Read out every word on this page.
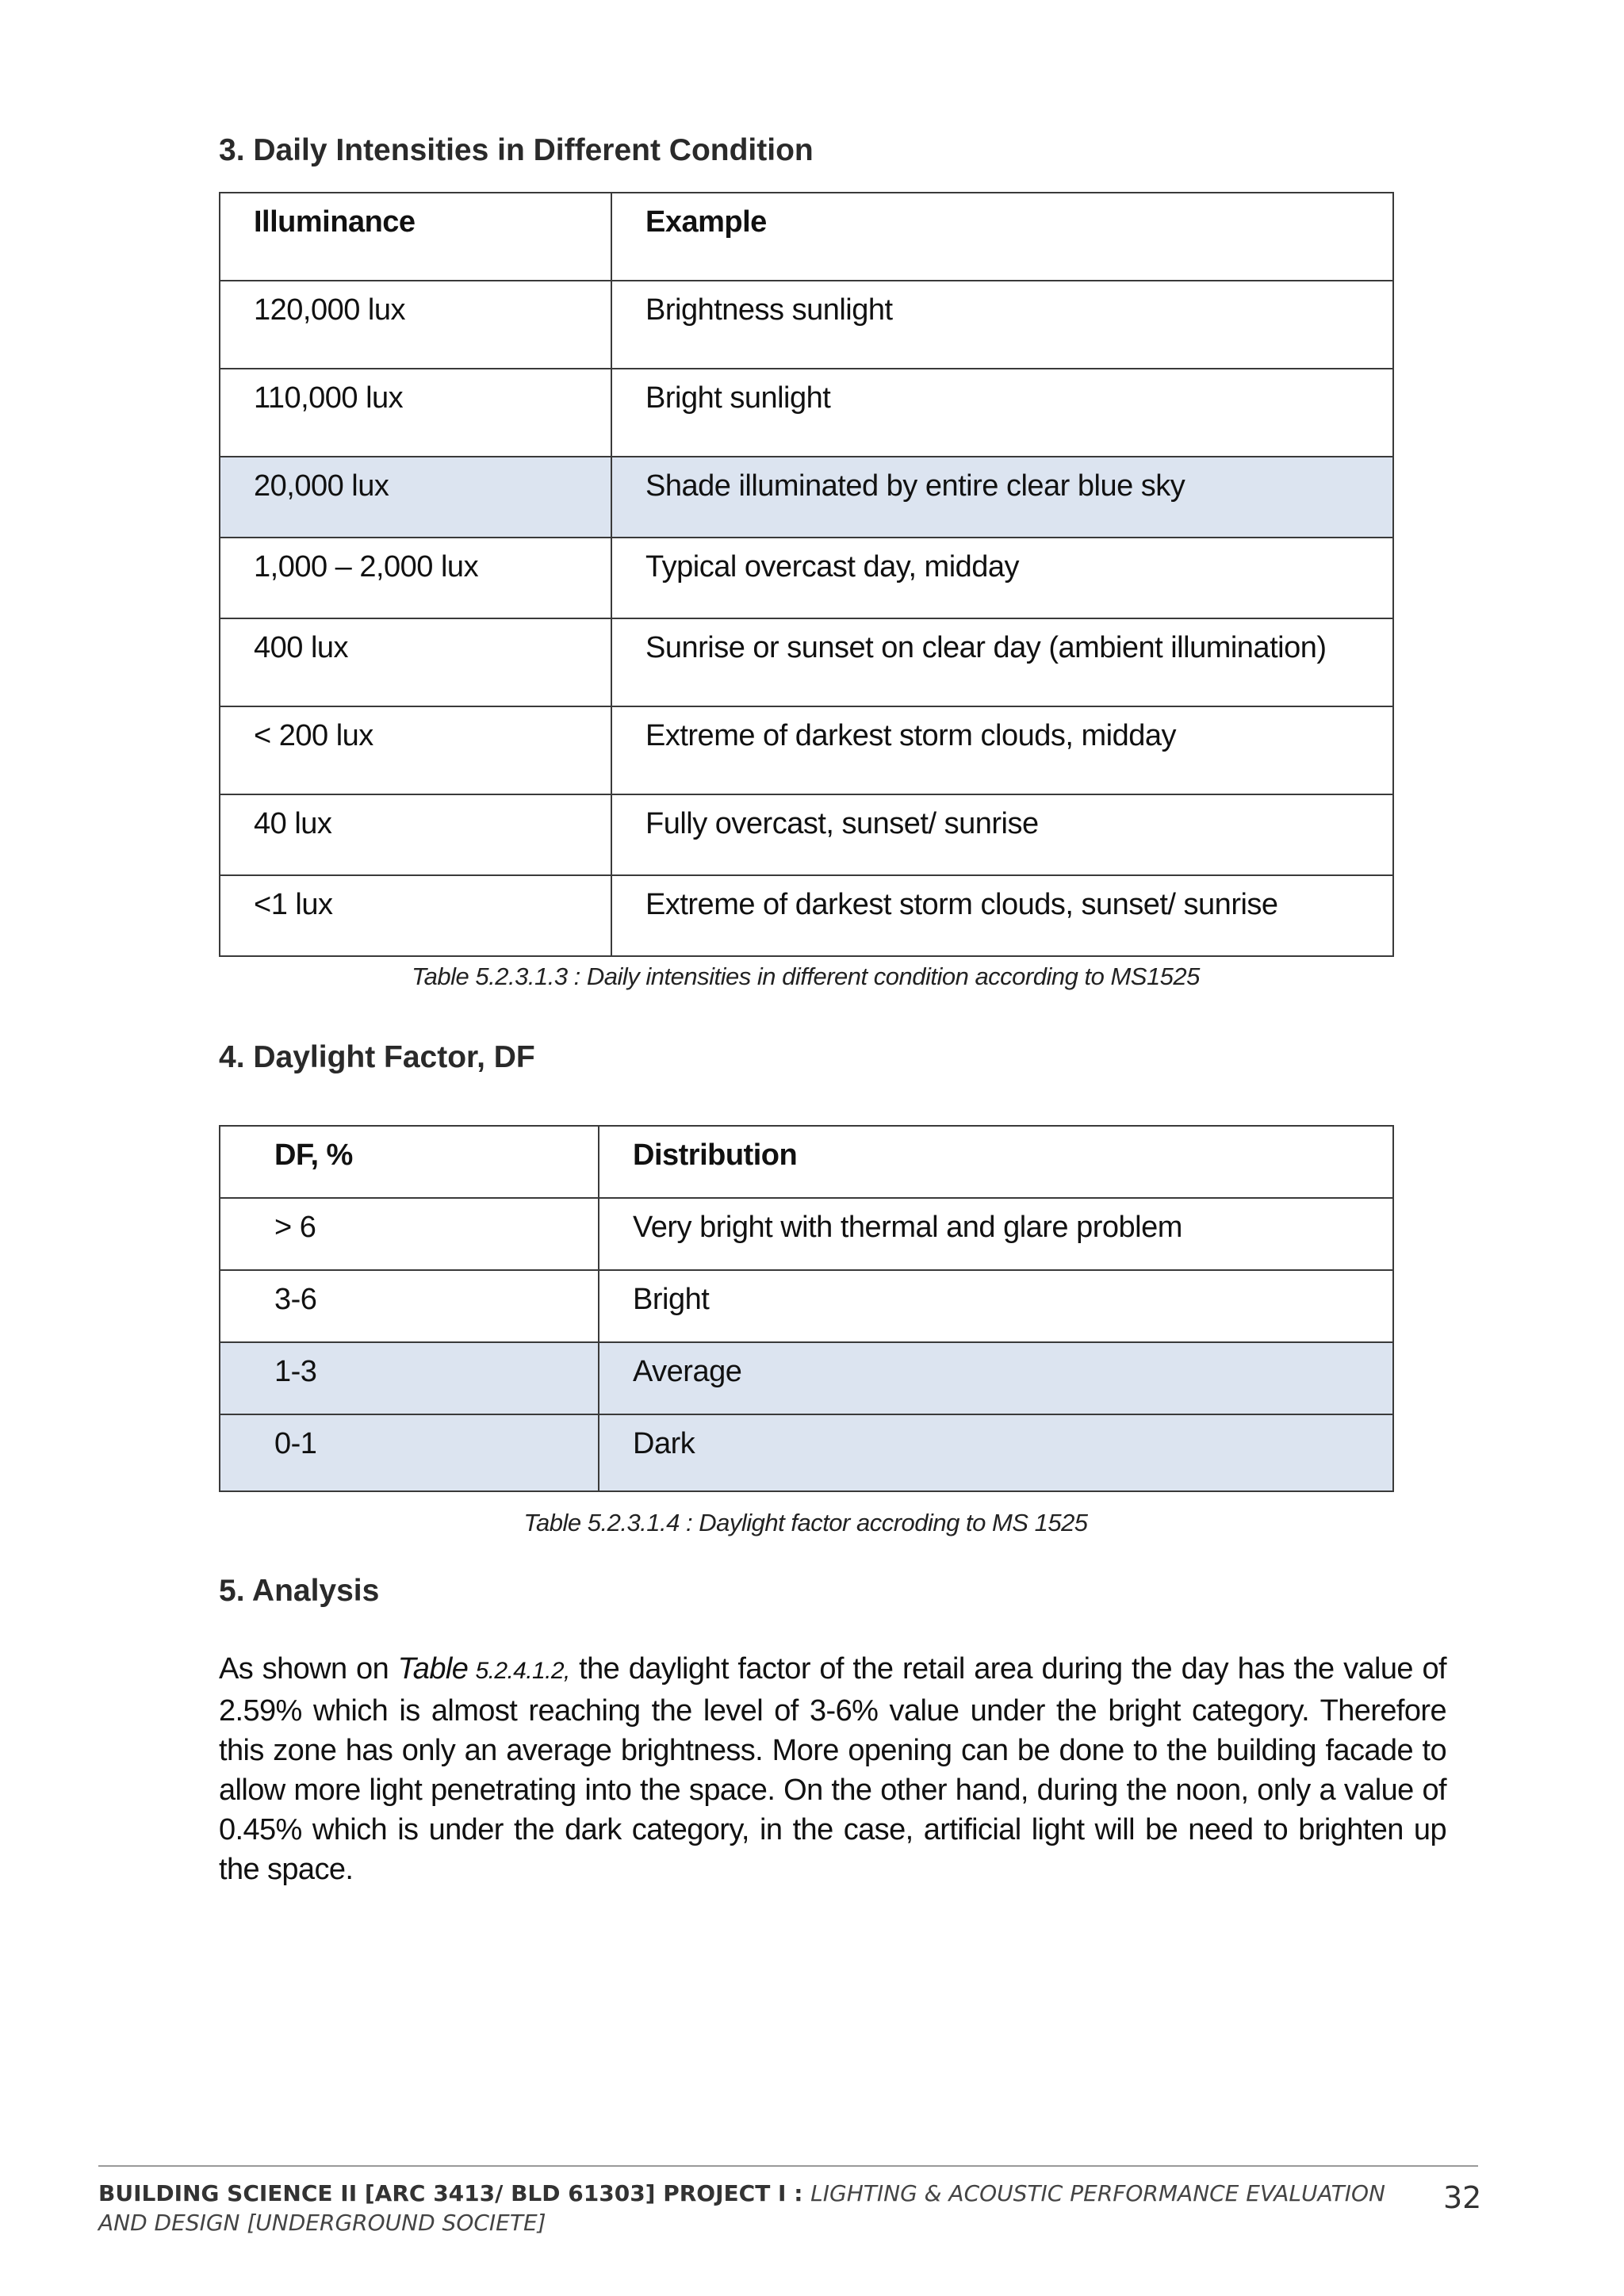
3. Daily Intensities in Different Condition
Illuminance	Example
120,000 lux	Brightness sunlight
110,000 lux	Bright sunlight
20,000 lux	Shade illuminated by entire clear blue sky
1,000 – 2,000 lux	Typical overcast day, midday
400 lux	Sunrise or sunset on clear day (ambient illumination)
< 200 lux	Extreme of darkest storm clouds, midday
40 lux	Fully overcast, sunset/ sunrise
<1 lux	Extreme of darkest storm clouds, sunset/ sunrise

Table 5.2.3.1.3 : Daily intensities in different condition according to MS1525

4. Daylight Factor, DF
DF, %	Distribution
> 6	Very bright with thermal and glare problem
3-6	Bright
1-3	Average
0-1	Dark

Table 5.2.3.1.4 : Daylight factor accroding to MS 1525

5. Analysis

As shown on Table 5.2.4.1.2, the daylight factor of the retail area during the day has the value of 2.59% which is almost reaching the level of 3-6% value under the bright category. Therefore this zone has only an average brightness. More opening can be done to the building facade to allow more light penetrating into the space. On the other hand, during the noon, only a value of 0.45% which is under the dark category, in the case, artificial light will be need to brighten up the space.

BUILDING SCIENCE II [ARC 3413/ BLD 61303] PROJECT I : LIGHTING & ACOUSTIC PERFORMANCE EVALUATION AND DESIGN [UNDERGROUND SOCIETE]

32
